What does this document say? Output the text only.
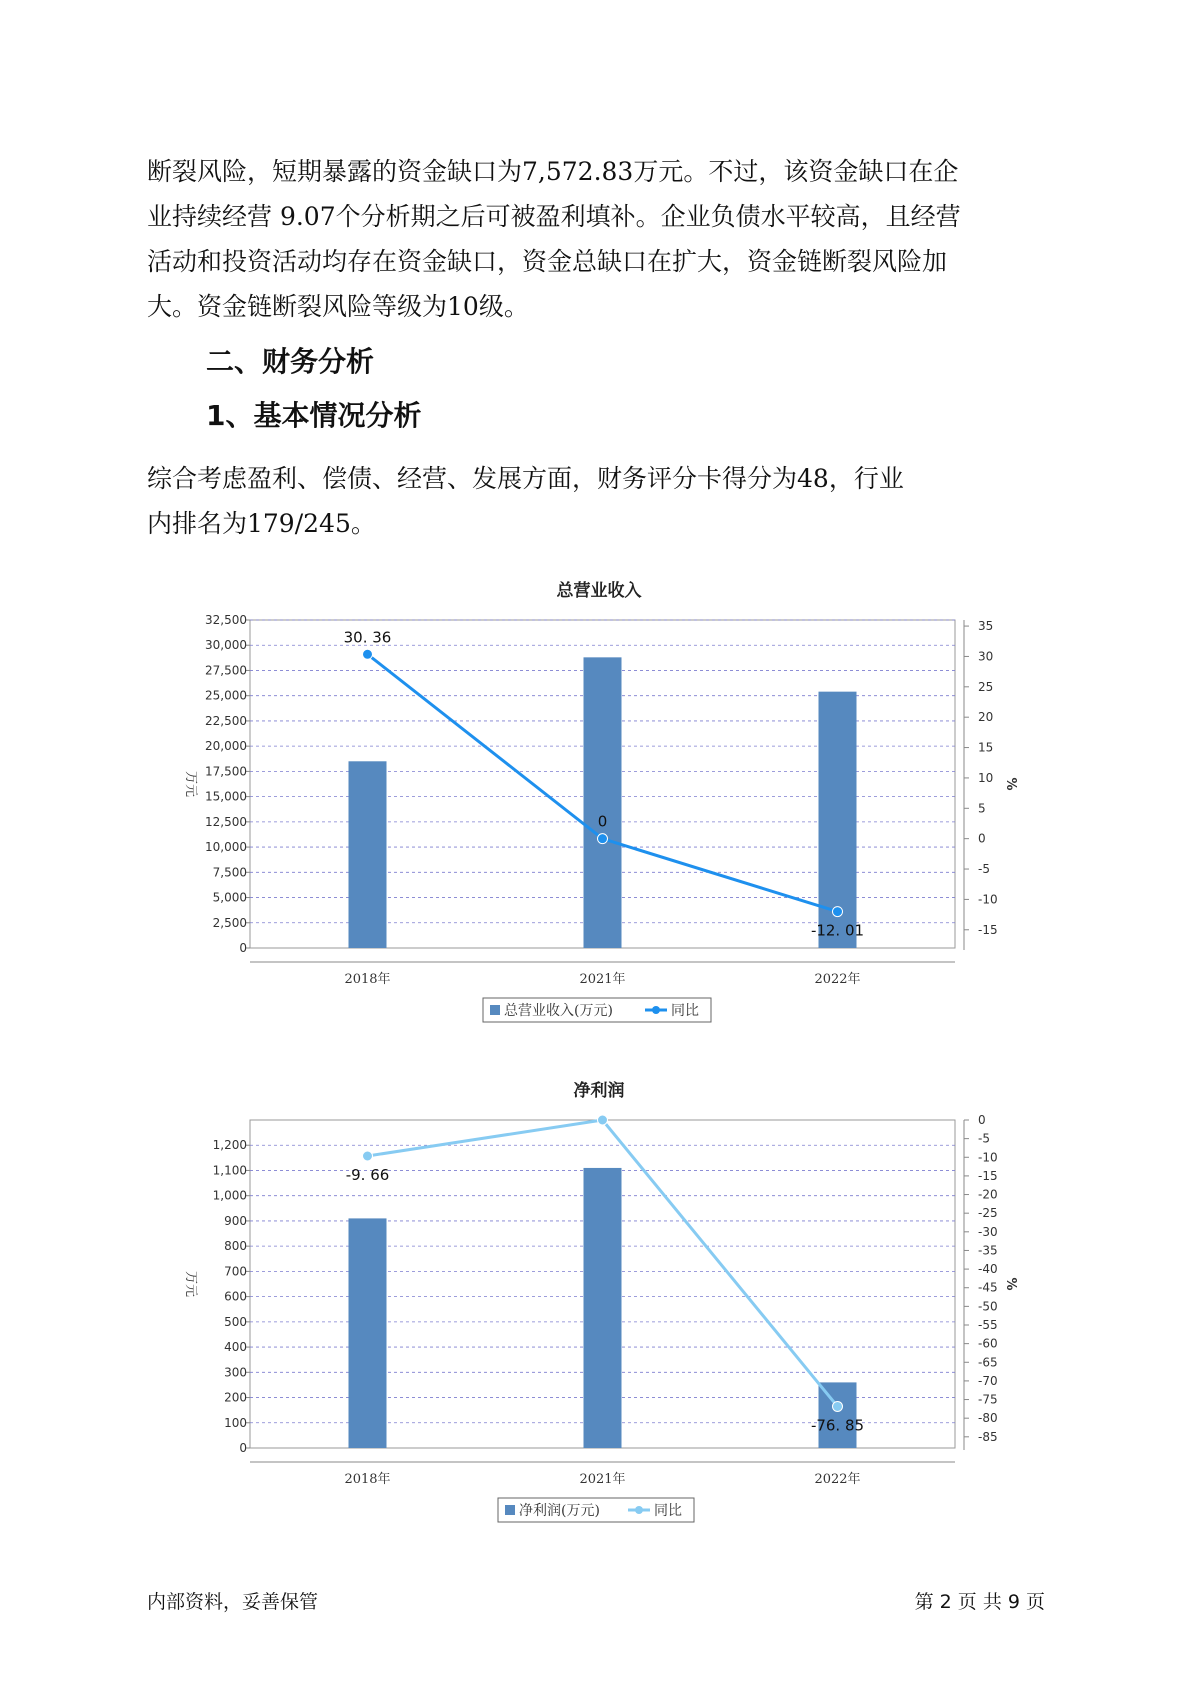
断裂风险，短期暴露的资金缺口为7,572.83万元。不过，该资金缺口在企
业持续经营 9.07个分析期之后可被盈利填补。企业负债水平较高，且经营
活动和投资活动均存在资金缺口，资金总缺口在扩大，资金链断裂风险加
大。资金链断裂风险等级为10级。
二、财务分析
1、基本情况分析
综合考虑盈利、偿债、经营、发展方面，财务评分卡得分为48，行业
内排名为179/245。
总营业收入
0
2,500
5,000
7,500
10,000
12,500
15,000
17,500
20,000
22,500
25,000
27,500
30,000
32,500
-15
-10
-5
0
5
10
15
20
25
30
35
万元	%
2018年	2021年	2022年
30. 36
0
-12. 01
总营业收入(万元)	同比
净利润
0
100
200
300
400
500
600
700
800
900
1,000
1,100
1,200
0
-5
-10
-15
-20
-25
-30
-35
-40
-45
-50
-55
-60
-65
-70
-75
-80
-85
万元	%
2018年	2021年	2022年
-9. 66
-76. 85
净利润(万元)	同比
内部资料，妥善保管	第 2 页 共 9 页
